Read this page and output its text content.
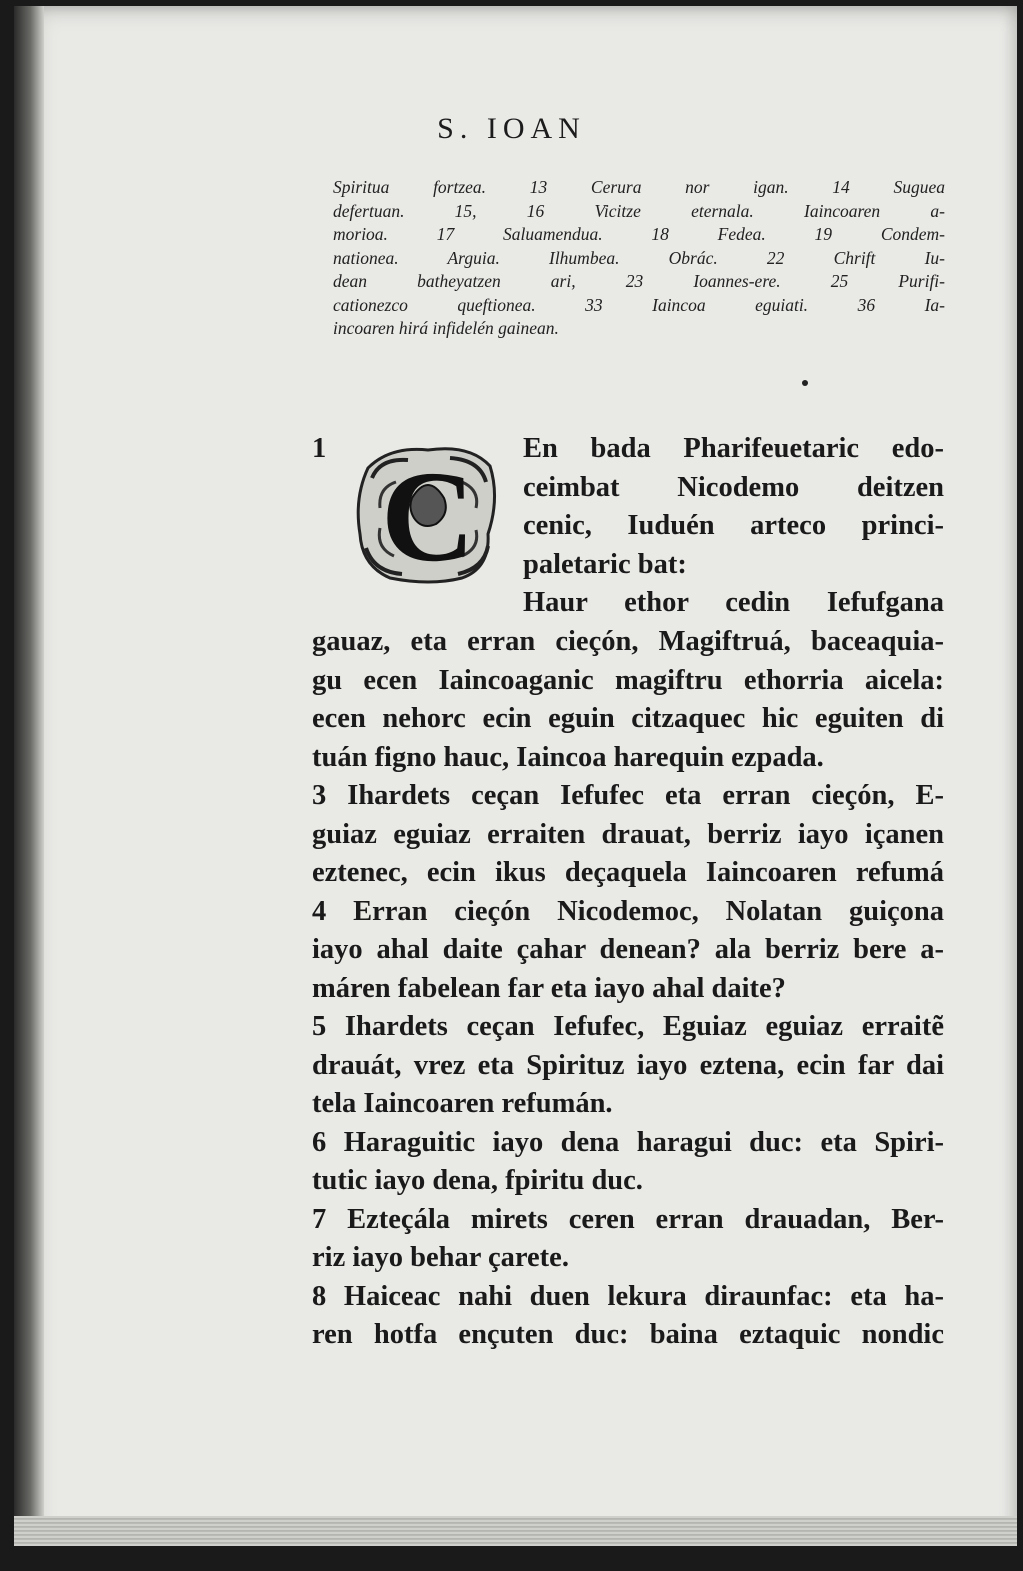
S. IOAN
Spiritua fortzea. 13 Cerura nor igan. 14 Suguea
defertuan. 15, 16 Vicitze eternala. Iaincoaren a-
morioa. 17 Saluamendua. 18 Fedea. 19 Condem-
nationea. Arguia. Ilhumbea. Obrác. 22 Chrift Iu-
dean batheyatzen ari, 23 Ioannes-ere. 25 Purifi-
cationezco queftionea. 33 Iaincoa eguiati. 36 Ia-
incoaren hirá infidelén gainean.
1 C En bada Pharifeuetaric edo-
ceimbat Nicodemo deitzen
cenic, Iuduén arteco princi-
paletaric bat:
Haur ethor cedin Iefufgana
gauaz, eta erran cieçón, Magiftruá, baceaquia-
gu ecen Iaincoaganic magiftru ethorria aicela:
ecen nehorc ecin eguin citzaquec hic eguiten di
tuán figno hauc, Iaincoa harequin ezpada.
3 Ihardets ceçan Iefufec eta erran cieçón, E-
guiaz eguiaz erraiten drauat, berriz iayo içanen
eztenec, ecin ikus deçaquela Iaincoaren refumá
4 Erran cieçón Nicodemoc, Nolatan guiçona
iayo ahal daite çahar denean? ala berriz bere a-
máren fabelean far eta iayo ahal daite?
5 Ihardets ceçan Iefufec, Eguiaz eguiaz erraitẽ
drauát, vrez eta Spirituz iayo eztena, ecin far dai
tela Iaincoaren refumán.
6 Haraguitic iayo dena haragui duc: eta Spiri-
tutic iayo dena, fpiritu duc.
7 Ezteçála mirets ceren erran drauadan, Ber-
riz iayo behar çarete.
8 Haiceac nahi duen lekura diraunfac: eta ha-
ren hotfa ençuten duc: baina eztaquic nondic
